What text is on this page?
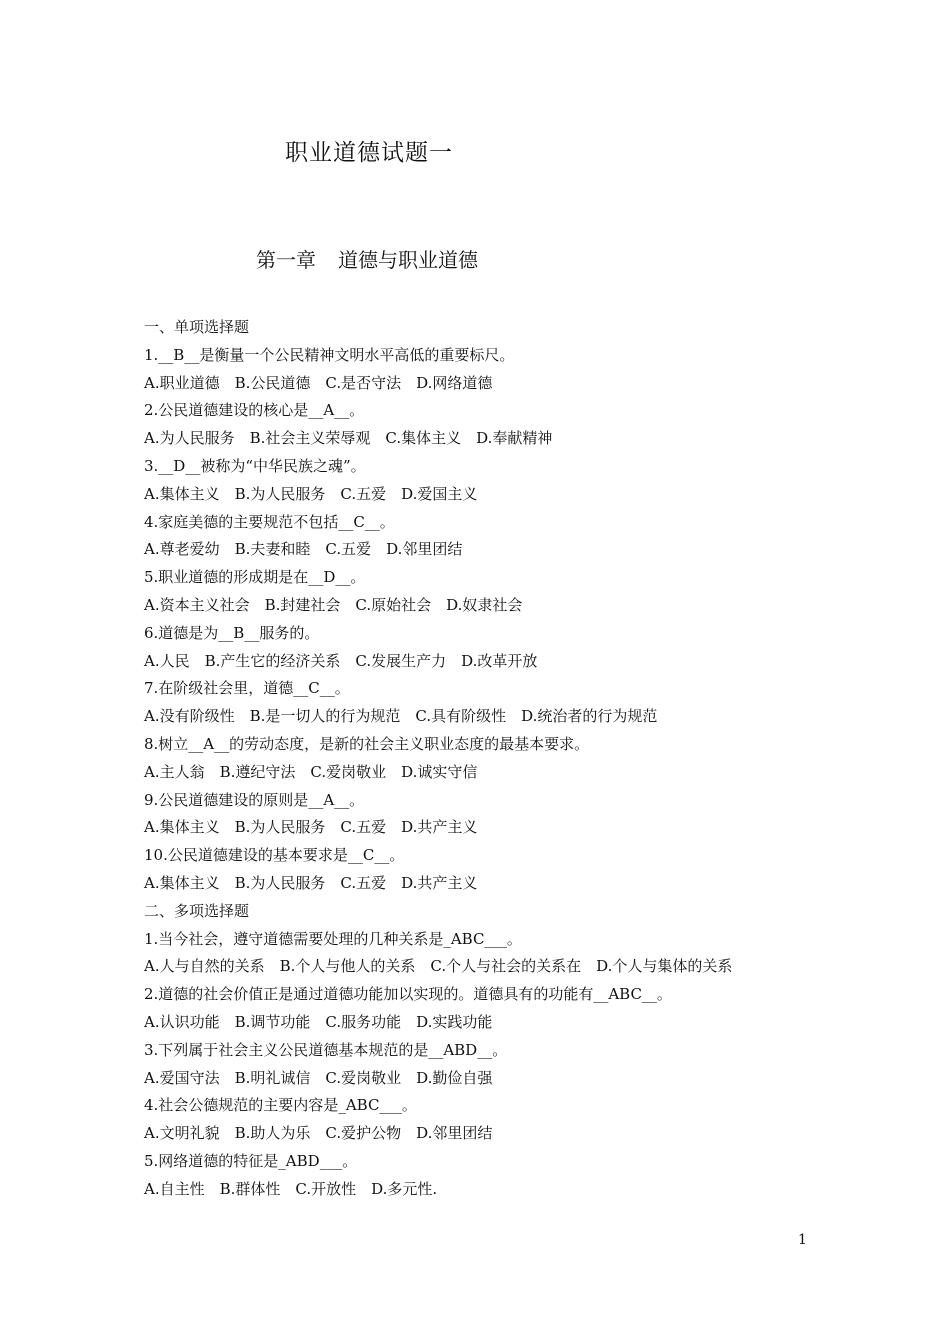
职业道德试题一
第一章 道德与职业道德
一、单项选择题
1.__B__是衡量一个公民精神文明水平高低的重要标尺。
A.职业道德　B.公民道德　C.是否守法　D.网络道德
2.公民道德建设的核心是__A__。
A.为人民服务　B.社会主义荣辱观　C.集体主义　D.奉献精神
3.__D__被称为“中华民族之魂”。
A.集体主义　B.为人民服务　C.五爱　D.爱国主义
4.家庭美德的主要规范不包括__C__。
A.尊老爱幼　B.夫妻和睦　C.五爱　D.邻里团结
5.职业道德的形成期是在__D__。
A.资本主义社会　B.封建社会　C.原始社会　D.奴隶社会
6.道德是为__B__服务的。
A.人民　B.产生它的经济关系　C.发展生产力　D.改革开放
7.在阶级社会里，道德__C__。
A.没有阶级性　B.是一切人的行为规范　C.具有阶级性　D.统治者的行为规范
8.树立__A__的劳动态度，是新的社会主义职业态度的最基本要求。
A.主人翁　B.遵纪守法　C.爱岗敬业　D.诚实守信
9.公民道德建设的原则是__A__。
A.集体主义　B.为人民服务　C.五爱　D.共产主义
10.公民道德建设的基本要求是__C__。
A.集体主义　B.为人民服务　C.五爱　D.共产主义
二、多项选择题
1.当今社会，遵守道德需要处理的几种关系是_ABC___。
A.人与自然的关系　B.个人与他人的关系　C.个人与社会的关系在　D.个人与集体的关系
2.道德的社会价值正是通过道德功能加以实现的。道德具有的功能有__ABC__。
A.认识功能　B.调节功能　C.服务功能　D.实践功能
3.下列属于社会主义公民道德基本规范的是__ABD__。
A.爱国守法　B.明礼诚信　C.爱岗敬业　D.勤俭自强
4.社会公德规范的主要内容是_ABC___。
A.文明礼貌　B.助人为乐　C.爱护公物　D.邻里团结
5.网络道德的特征是_ABD___。
A.自主性　B.群体性　C.开放性　D.多元性.
1
